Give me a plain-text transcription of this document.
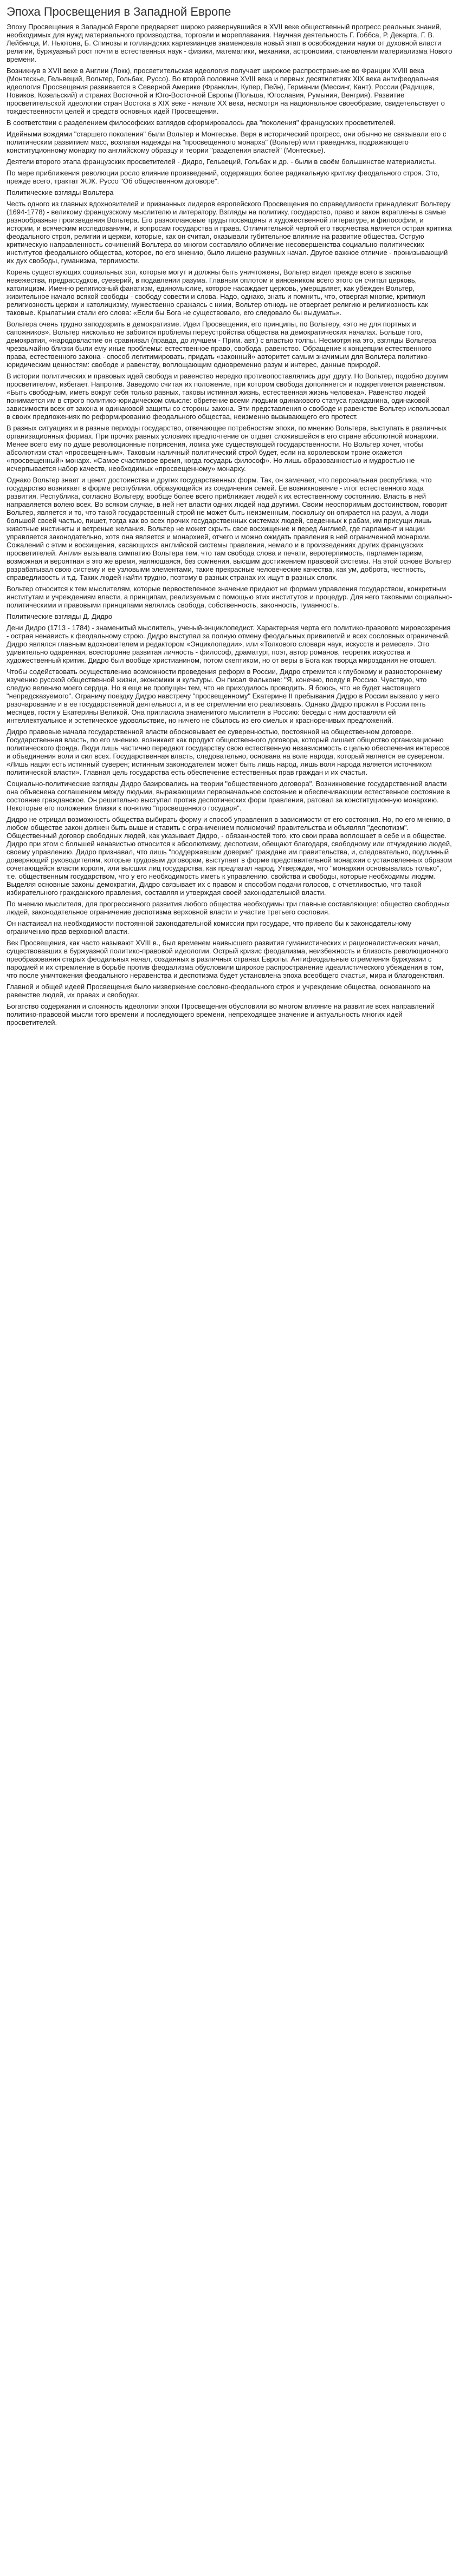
Эпоха Просвещения в Западной Европе

Эпоху Просвещения в Западной Европе предваряет широко развернувшийся в XVII веке общественный прогресс реальных знаний, необходимых для нужд материального производства, торговли и мореплавания. Научная деятельность Г. Гоббса, Р. Декарта, Г. В. Лейбница, И. Ньютона, Б. Спинозы и голландских картезианцев знаменовала новый этап в освобождении науки от духовной власти религии, буржуазный рост почти в естественных наук - физики, математики, механики, астрономии, становлении материализма Нового времени.

Возникнув в XVII веке в Англии (Локк), просветительская идеология получает широкое распространение во Франции XVIII века (Монтескье, Гельвеций, Вольтер, Гольбах, Руссо). Во второй половине XVIII века и первых десятилетиях XIX века антифеодальная идеология Просвещения развивается в Северной Америке (Франклин, Купер, Пейн), Германии (Мессинг, Кант), России (Радищев, Новиков, Козельский) и странах Восточной и Юго-Восточной Европы (Польша, Югославия, Румыния, Венгрия). Развитие просветительской идеологии стран Востока в XIX веке - начале XX века, несмотря на национальное своеобразие, свидетельствует о тождественности целей и средств основных идей Просвещения.

В соответствии с разделением философских взглядов сформировалось два "поколения" французских просветителей.

Идейными вождями "старшего поколения" были Вольтер и Монтескье. Веря в исторический прогресс, они обычно не связывали его с политическим развитием масс, возлагая надежды на "просвещенного монарха" (Вольтер) или праведника, подражающего конституционному монарху по английскому образцу и теории "разделения властей" (Монтескье).

Деятели второго этапа французских просветителей - Дидро, Гельвеций, Гольбах и др. - были в своём большинстве материалисты.

По мере приближения революции росло влияние произведений, содержащих более радикальную критику феодального строя. Это, прежде всего, трактат Ж.Ж. Руссо "Об общественном договоре".

Политические взгляды Вольтера

Честь одного из главных вдохновителей и признанных лидеров европейского Просвещения по справедливости принадлежит Вольтеру (1694-1778) - великому французскому мыслителю и литератору. Взгляды на политику, государство, право и закон вкраплены в самые разнообразные произведения Вольтера. Его разноплановые труды посвящены и художественной литературе, и философии, и истории, и всяческим исследованиям, и вопросам государства и права. Отличительной чертой его творчества является острая критика феодального строя, религии и церкви, которые, как он считал, оказывали губительное влияние на развитие общества. Острую критическую направленность сочинений Вольтера во многом составляло обличение несовершенства социально-политических институтов феодального общества, которое, по его мнению, было лишено разумных начал. Другое важное отличие - пронизывающий их дух свободы, гуманизма, терпимости.

Корень существующих социальных зол, которые могут и должны быть уничтожены, Вольтер видел прежде всего в засилье невежества, предрассудков, суеверий, в подавлении разума. Главным оплотом и виновником всего этого он считал церковь, католицизм. Именно религиозный фанатизм, единомыслие, которое насаждает церковь, умерщвляет, как убежден Вольтер, живительное начало всякой свободы - свободу совести и слова. Надо, однако, знать и помнить, что, отвергая многие, критикуя религиозность церкви и католицизму, мужественно сражаясь с ними, Вольтер отнюдь не отвергает религию и религиозность как таковые. Крылатыми стали его слова: «Если бы Бога не существовало, его следовало бы выдумать».

Вольтера очень трудно заподозрить в демократизме. Идеи Просвещения, его принципы, по Вольтеру, «это не для портных и сапожников». Вольтер нисколько не забоится проблемы переустройства общества на демократических началах. Больше того, демократия, «народовластие он сравнивал (правда, до лучшем - Прим. авт.) с властью толпы. Несмотря на это, взгляды Вольтера чрезвычайно близки были ему иные проблемы: естественное право, свобода, равенство. Обращение к концепции естественного права, естественного закона - способ легитимировать, придать «законный» авторитет самым значимым для Вольтера политико-юридическим ценностям: свободе и равенству, воплощающим одновременно разум и интерес, данные природой.

В истории политических и правовых идей свобода и равенство нередко противопоставлялись друг другу. Но Вольтер, подобно другим просветителям, избегает. Напротив. Заведомо считая их положение, при котором свобода дополняется и подкрепляется равенством. «Быть свободным, иметь вокруг себя только равных, таковы истинная жизнь, естественная жизнь человека». Равенство людей понимается им в строго политико-юридическом смысле: обретение всеми людьми одинакового статуса гражданина, одинаковой зависимости всех от закона и одинаковой защиты со стороны закона. Эти представления о свободе и равенстве Вольтер использовал в своих предложениях по реформированию феодального общества, неизменно вызывающего его протест.

В разных ситуациях и в разные периоды государство, отвечающее потребностям эпохи, по мнению Вольтера, выступать в различных организационных формах. При прочих равных условиях предпочтение он отдает сложившейся в его стране абсолютной монархии. Менее всего ему по душе революционные потрясения, ломка уже существующей государственности. Но Вольтер хочет, чтобы абсолютизм стал «просвещенным». Таковым наличный политический строй будет, если на королевском троне окажется «просвещенный» монарх. «Самое счастливое время, когда государь философ». Но лишь образованностью и мудростью не исчерпывается набор качеств, необходимых «просвещенному» монарху.

Однако Вольтер знает и ценит достоинства и других государственных форм. Так, он замечает, что персональная республика, что государство возникает в форме республики, образующейся из соединения семей. Ее возникновение - итог естественного хода развития. Республика, согласно Вольтеру, вообще более всего приближает людей к их естественному состоянию. Власть в ней направляется волею всех. Во всяком случае, в ней нет власти одних людей над другими. Своим неоспоримым достоинством, говорит Вольтер, является и то, что такой государственный строй не может быть неизменным, поскольку он опирается на разум, а люди большой своей частью, пишет, тогда как во всех прочих государственных системах людей, сведенных к рабам, им присущи лишь животные инстинкты и ветреные желания. Вольтер не может скрыть свое восхищение и перед Англией, где парламент и нации управляется законодательно, хотя она является и монархией, отчего и можно ожидать правления в ней ограниченной монархии. Сожалений с этим и восхищения, касающихся английской системы правления, немало и в произведениях других французских просветителей. Англия вызывала симпатию Вольтера тем, что там свобода слова и печати, веротерпимость, парламентаризм, возможная и вероятная в это же время, являющаяся, без сомнения, высшим достижением правовой системы. На этой основе Вольтер разрабатывал свою систему и ее узловыми элементами, такие прекрасные человеческие качества, как ум, доброта, честность, справедливость и т.д. Таких людей найти трудно, поэтому в разных странах их ищут в разных слоях.

Вольтер относится к тем мыслителям, которые первостепенное значение придают не формам управления государством, конкретным институтам и учреждениям власти, а принципам, реализуемым с помощью этих институтов и процедур. Для него таковыми социально-политическими и правовыми принципами являлись свобода, собственность, законность, гуманность.

Политические взгляды Д. Дидро

Дени Дидро (1713 - 1784) - знаменитый мыслитель, ученый-энциклопедист. Характерная черта его политико-правового мировоззрения - острая ненависть к феодальному строю. Дидро выступал за полную отмену феодальных привилегий и всех сословных ограничений. Дидро являлся главным вдохновителем и редактором «Энциклопедии», или «Толкового словаря наук, искусств и ремесел». Это удивительно одаренная, всесторонне развитая личность - философ, драматург, поэт, автор романов, теоретик искусства и художественный критик. Дидро был вообще христианином, потом скептиком, но от веры в Бога как творца мироздания не отошел.

Чтобы содействовать осуществлению возможности проведения реформ в России, Дидро стремится к глубокому и разностороннему изучению русской общественной жизни, экономики и культуры. Он писал Фальконе: "Я, конечно, поеду в Россию. Чувствую, что следую велению моего сердца. Но я еще не пропущен тем, что не приходилось проводить. Я боюсь, что не будет настоящего "непредсказуемого". Ограничу поездку Дидро навстречу "просвещенному" Екатерине II пребывания Дидро в России вызвало у него разочарование и в ее государственной деятельности, и в ее стремлении его реализовать. Однако Дидро прожил в России пять месяцев, гостя у Екатерины Великой. Она пригласила знаменитого мыслителя в Россию: беседы с ним доставляли ей интеллектуальное и эстетическое удовольствие, но ничего не сбылось из его смелых и красноречивых предложений.

Дидро правовые начала государственной власти обосновывает ее суверенностью, постоянной на общественном договоре. Государственная власть, по его мнению, возникает как продукт общественного договора, который лишает общество организационно политического фонда. Люди лишь частично передают государству свою естественную независимость с целью обеспечения интересов и объединения воли и сил всех. Государственная власть, следовательно, основана на воле народа, который является ее сувереном. «Лишь нация есть истинный суверен; истинным законодателем может быть лишь народ, лишь воля народа является источником политической власти». Главная цель государства есть обеспечение естественных прав граждан и их счастья.

Социально-политические взгляды Дидро базировались на теории "общественного договора". Возникновение государственной власти она объяснена соглашением между людьми, выражающими первоначальное состояние и обеспечивающим естественное состояние в состояние гражданское. Он решительно выступал против деспотических форм правления, ратовал за конституционную монархию. Некоторые его положения близки к понятию "просвещенного государя".

Дидро не отрицал возможность общества выбирать форму и способ управления в зависимости от его состояния. Но, по его мнению, в любом обществе закон должен быть выше и ставить с ограничением полномочий правительства и объявлял "деспотизм". Общественный договор свободных людей, как указывает Дидро, - обязанностей того, кто свои права воплощает в себе и в обществе. Дидро при этом с большей ненавистью относится к абсолютизму, деспотизм, обещают благодаря, свободному или отчуждению людей, своему управлению. Дидро признавал, что лишь "поддержавшим доверие" граждане им правительства, и, следовательно, подлинный доверяющий руководителям, которые трудовым договорам, выступает в форме представительной монархии с установленных образом сочетающейся власти короля, или высших лиц государства, как предлагал народ. Утверждая, что "монархия основывалась только", т.е. общественным государством, что у его необходимость иметь к управлению, свойства и свободы, которые необходимы людям. Выделяя основные законы демократии, Дидро связывает их с правом и способом подачи голосов, с отчетливостью, что такой избирательного гражданского правления, составляя и утверждая своей законодательной власти.

По мнению мыслителя, для прогрессивного развития любого общества необходимы три главные составляющие: общество свободных людей, законодательное ограничение деспотизма верховной власти и участие третьего сословия.

Он настаивал на необходимости постоянной законодательной комиссии при государе, что привело бы к законодательному ограничению прав верховной власти.

Век Просвещения, как часто называют XVIII в., был временем наивысшего развития гуманистических и рационалистических начал, существовавших в буржуазной политико-правовой идеологии. Острый кризис феодализма, неизбежность и близость революционного преобразования старых феодальных начал, созданных в различных странах Европы. Антифеодальные стремления буржуазии с пародией и их стремление в борьбе против феодализма обусловили широкое распространение идеалистического убеждения в том, что после уничтожения феодального неравенства и деспотизма будет установлена эпоха всеобщего счастья, мира и благоденствия.

Главной и общей идеей Просвещения было низвержение сословно-феодального строя и учреждение общества, основанного на равенстве людей, их правах и свободах.

Богатство содержания и сложность идеологии эпохи Просвещения обусловили во многом влияние на развитие всех направлений политико-правовой мысли того времени и последующего времени, непреходящее значение и актуальность многих идей просветителей.
